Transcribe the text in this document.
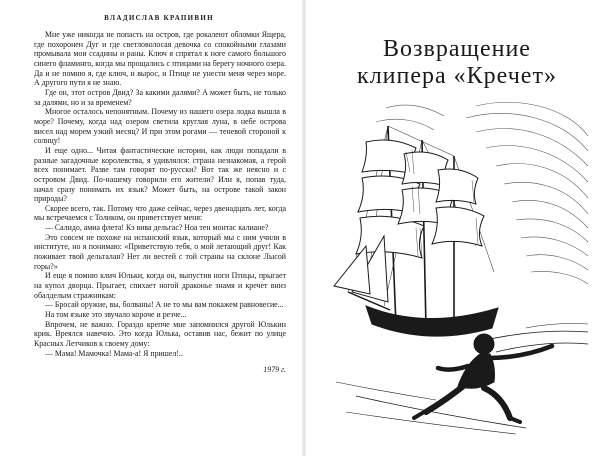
ВЛАДИСЛАВ КРАПИВИН

Мне уже никогда не попасть на остров, где рокалеют обломки Ящера, где похоронен Дуг и где светловолосая девочка со спокойными глазами промывала мои ссадины и раны. Ключ я спрятал к ноге самого большого синего фламинго, когда мы прощались с птицами на берегу ночного озера. Да и не помню я, где ключ, и вырос, и Птице не унести меня через море. А другого пути я не знаю.

Где он, этот остров Двид? За какими далями? А может быть, не только за далями, но и за временем?

Многое осталось непонятным. Почему из нашего озера лодка вышла в море? Почему, когда над озером светила круглая луна, в небе острова висел над морем узкий месяц? И при этом рогами — теневой стороной к солнцу!

И еще одно... Читая фантастические истории, как люди попадали в разные загадочные королевства, я удивлялся: страна незнакомая, а герой всех понимает. Разве там говорят по-русски? Вот так же неясно и с островом Двид. По-нашему говорили его жители? Или я, попав туда, начал сразу понимать их язык? Может быть, на острове такой закон природы?

Скорее всего, так. Потому что даже сейчас, через двенадцать лет, когда мы встречаемся с Толиком, он приветствует меня:

— Салидо, амиа флета! Кэ вива дельгас? Ноа тен монтас калиане?

Это совсем не похоже на испанский язык, который мы с ним учили в институте, но я понимаю: «Приветствую тебя, о мой летающий друг! Как поживает твой дельталан? Нет ли вестей с той страны на склоне Лысой горы?»

И еще я помню клич Юльки, когда он, выпустив ноги Птицы, прыгает на купол дворца. Прыгает, спихает ногой драконье знамя и кречет вниз обалделым стражникам:

— Бросай оружие, вы, болваны! А не то мы вам покажем равновесие...

На том языке это звучало короче и резче...

Впрочем, не важно. Гораздо крепче мне запомнился другой Юлькин крик. Вреялся навечно. Это когда Юлька, оставив нас, бежит по улице Красных Летчиков к своему дому:

— Мама! Мамочка! Мама-а! Я пришел!..

1979 г.

Возвращение
клипера «Кречет»
